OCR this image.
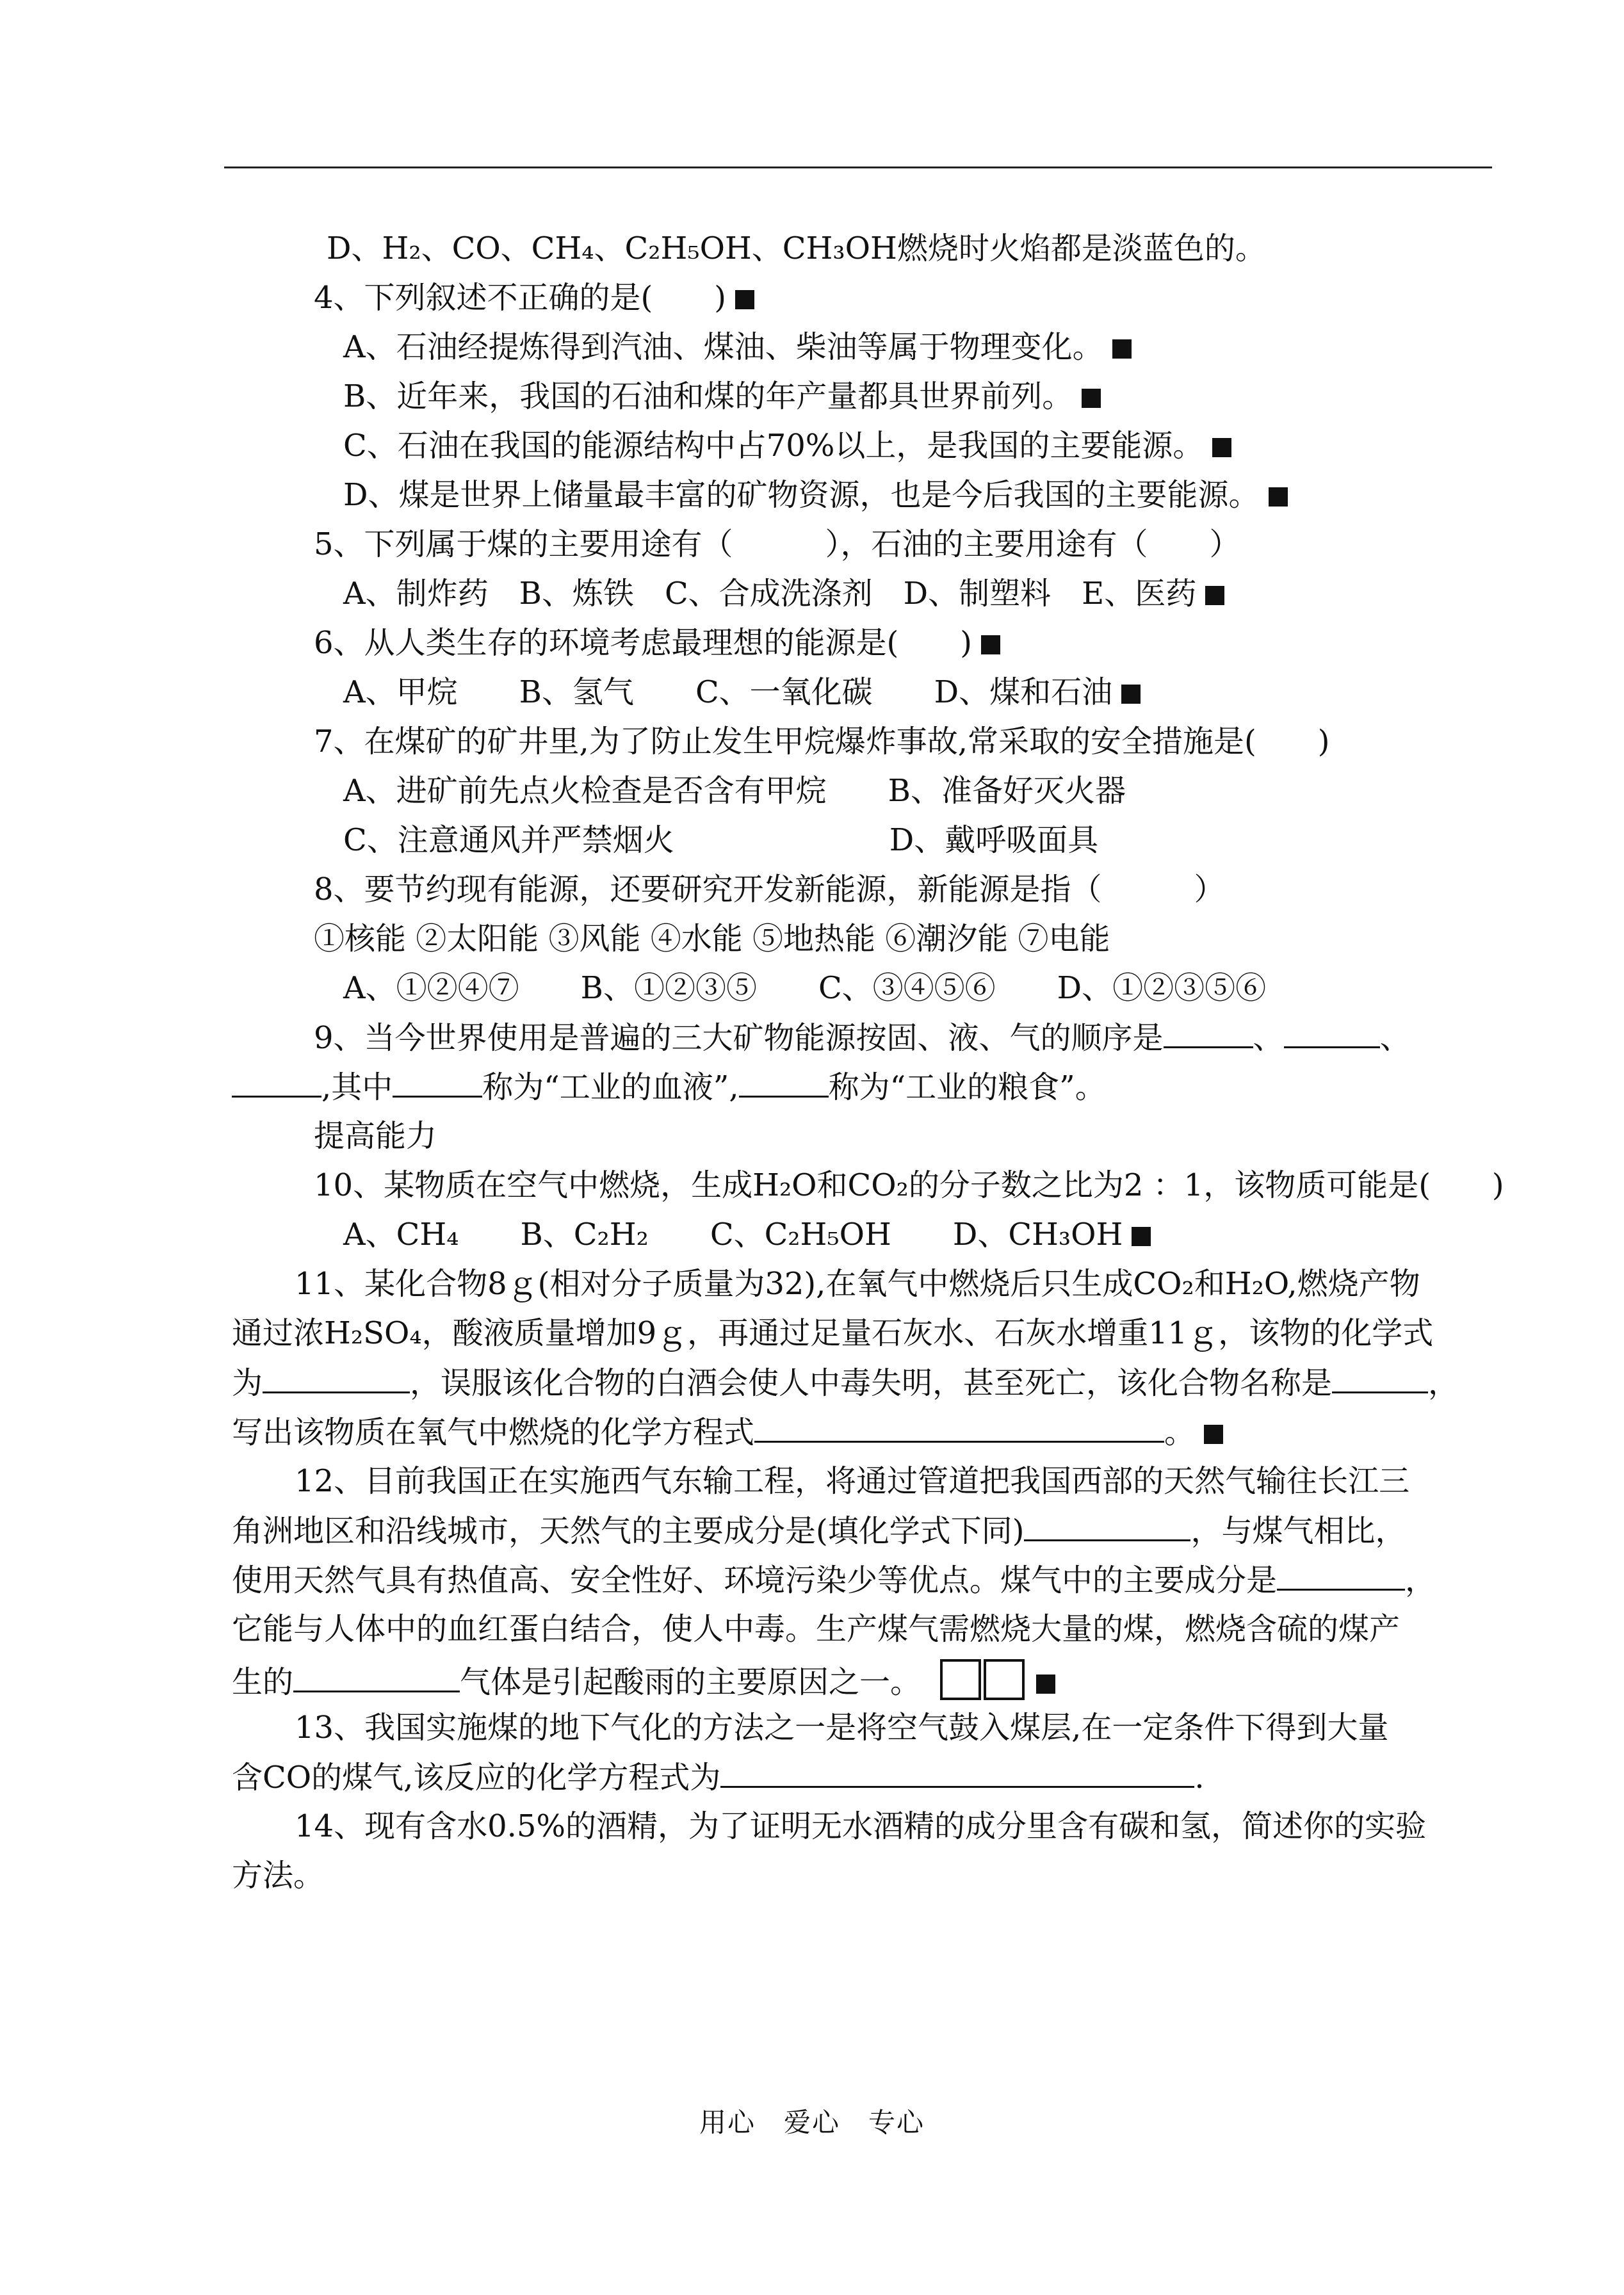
D、H₂、CO、CH₄、C₂H₅OH、CH₃OH燃烧时火焰都是淡蓝色的。
4、下列叙述不正确的是(　　)
A、石油经提炼得到汽油、煤油、柴油等属于物理变化。
B、近年来，我国的石油和煤的年产量都具世界前列。
C、石油在我国的能源结构中占70%以上，是我国的主要能源。
D、煤是世界上储量最丰富的矿物资源，也是今后我国的主要能源。
5、下列属于煤的主要用途有（　　　），石油的主要用途有（　　）
A、制炸药　B、炼铁　C、合成洗涤剂　D、制塑料　E、医药
6、从人类生存的环境考虑最理想的能源是(　　)
A、甲烷　　B、氢气　　C、一氧化碳　　D、煤和石油
7、在煤矿的矿井里,为了防止发生甲烷爆炸事故,常采取的安全措施是(　　)
A、进矿前先点火检查是否含有甲烷　　B、准备好灭火器
C、注意通风并严禁烟火　　　　　　　D、戴呼吸面具
8、要节约现有能源，还要研究开发新能源，新能源是指（　　　）
①核能 ②太阳能 ③风能 ④水能 ⑤地热能 ⑥潮汐能 ⑦电能
A、①②④⑦　　B、①②③⑤　　C、③④⑤⑥　　D、①②③⑤⑥
9、当今世界使用是普遍的三大矿物能源按固、液、气的顺序是	、	、
,其中	称为“工业的血液”,	称为“工业的粮食”。
提高能力
10、某物质在空气中燃烧，生成H₂O和CO₂的分子数之比为2 ：1，该物质可能是(　　)
A、CH₄　　B、C₂H₂　　C、C₂H₅OH　　D、CH₃OH
11、某化合物8ｇ(相对分子质量为32),在氧气中燃烧后只生成CO₂和H₂O,燃烧产物
通过浓H₂SO₄，酸液质量增加9ｇ，再通过足量石灰水、石灰水增重11ｇ，该物的化学式
为	，误服该化合物的白酒会使人中毒失明，甚至死亡，该化合物名称是	，
写出该物质在氧气中燃烧的化学方程式	。
12、目前我国正在实施西气东输工程，将通过管道把我国西部的天然气输往长江三
角洲地区和沿线城市，天然气的主要成分是(填化学式下同)	，与煤气相比，
使用天然气具有热值高、安全性好、环境污染少等优点。煤气中的主要成分是	，
它能与人体中的血红蛋白结合，使人中毒。生产煤气需燃烧大量的煤，燃烧含硫的煤产
生的	气体是引起酸雨的主要原因之一。
13、我国实施煤的地下气化的方法之一是将空气鼓入煤层,在一定条件下得到大量
含CO的煤气,该反应的化学方程式为	.
14、现有含水0.5%的酒精，为了证明无水酒精的成分里含有碳和氢，简述你的实验
方法。
用心 爱心 专心
